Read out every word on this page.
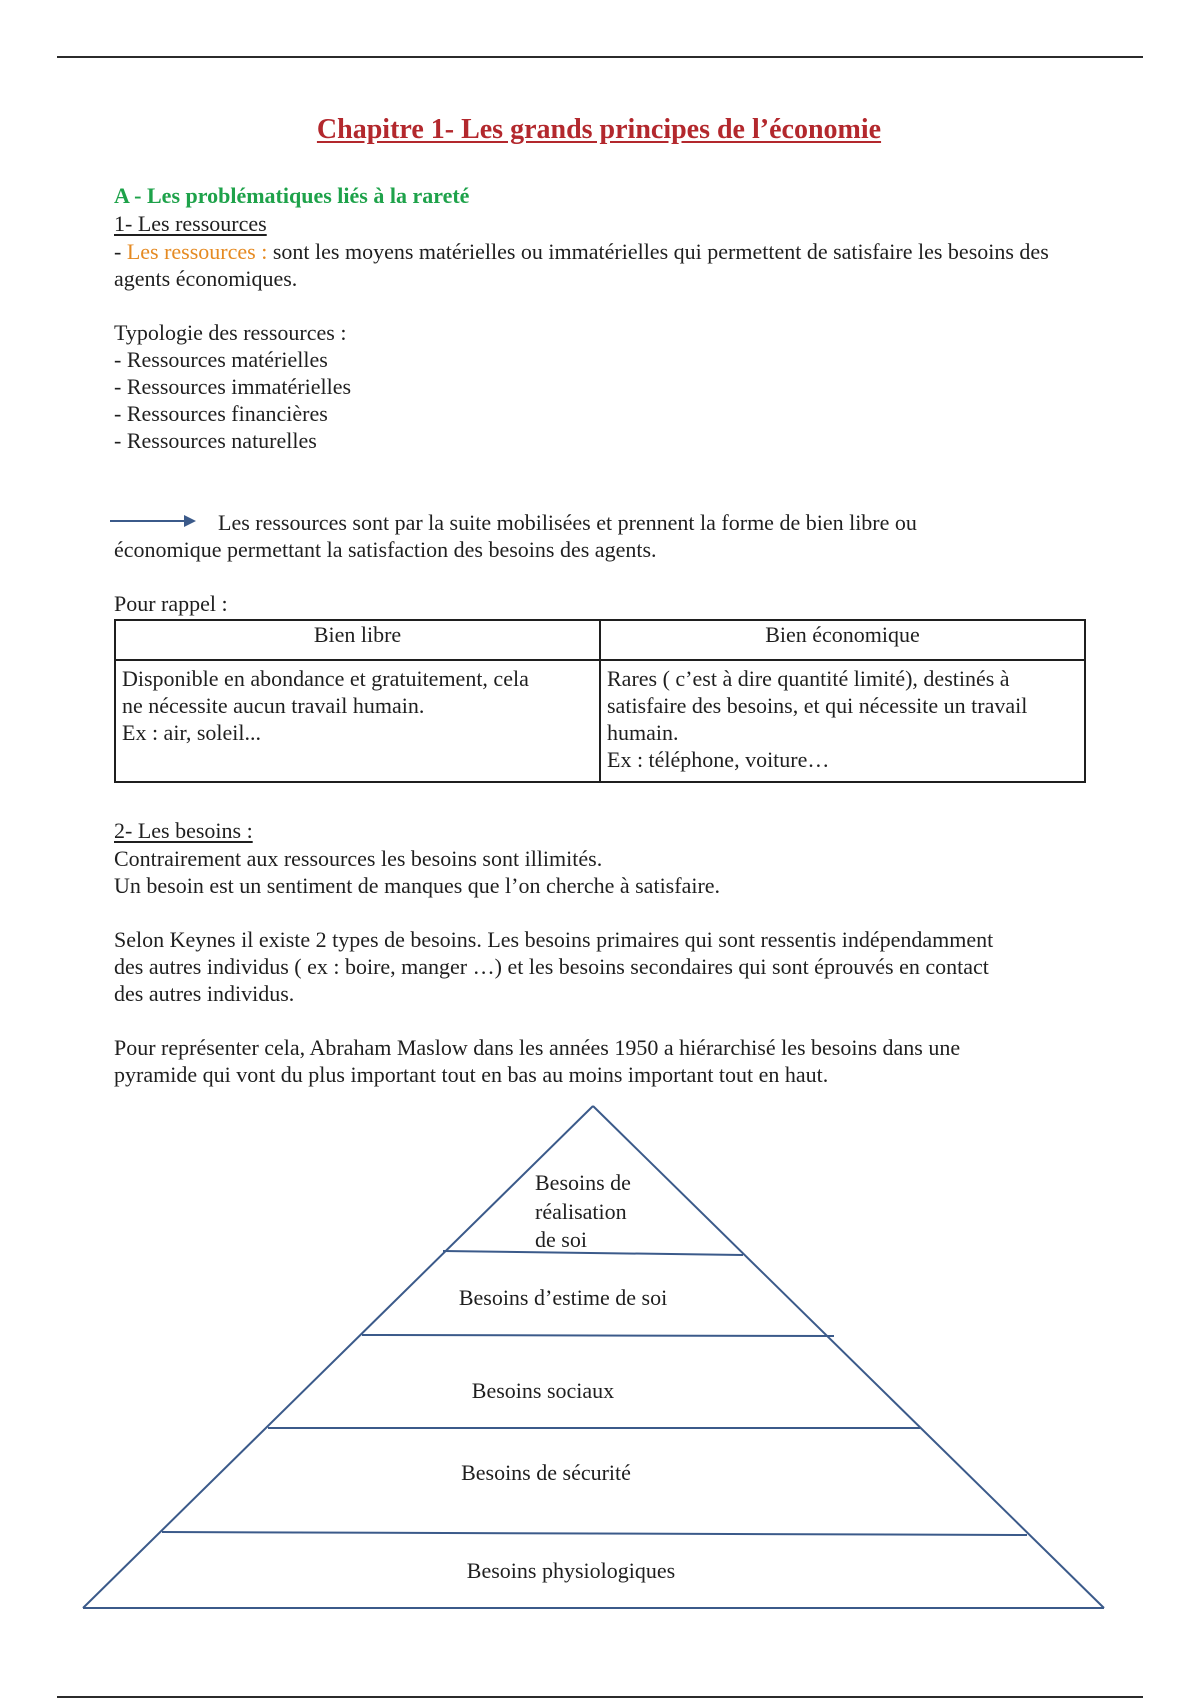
Chapitre 1- Les grands principes de l’économie
A - Les problématiques liés à la rareté
1- Les ressources

- Les ressources : sont les moyens matérielles ou immatérielles qui permettent de satisfaire les besoins des agents économiques.

Typologie des ressources :

- Ressources matérielles

- Ressources immatérielles

- Ressources financières

- Ressources naturelles

Les ressources sont par la suite mobilisées et prennent la forme de bien libre ou

économique permettant la satisfaction des besoins des agents.

Pour rappel :

Bien libre	Bien économique

Disponible en abondance et gratuitement, cela
ne nécessite aucun travail humain.
Ex : air, soleil...	Rares ( c’est à dire quantité limité), destinés à
satisfaire des besoins, et qui nécessite un travail
humain.
Ex : téléphone, voiture…
2- Les besoins :

Contrairement aux ressources les besoins sont illimités.

Un besoin est un sentiment de manques que l’on cherche à satisfaire.

Selon Keynes il existe 2 types de besoins. Les besoins primaires qui sont ressentis indépendamment

des autres individus ( ex : boire, manger …) et les besoins secondaires qui sont éprouvés en contact

des autres individus.

Pour représenter cela, Abraham Maslow dans les années 1950 a hiérarchisé les besoins dans une

pyramide qui vont du plus important tout en bas au moins important tout en haut.

Besoins de
réalisation
de soi
Besoins d’estime de soi
Besoins sociaux
Besoins de sécurité
Besoins physiologiques
